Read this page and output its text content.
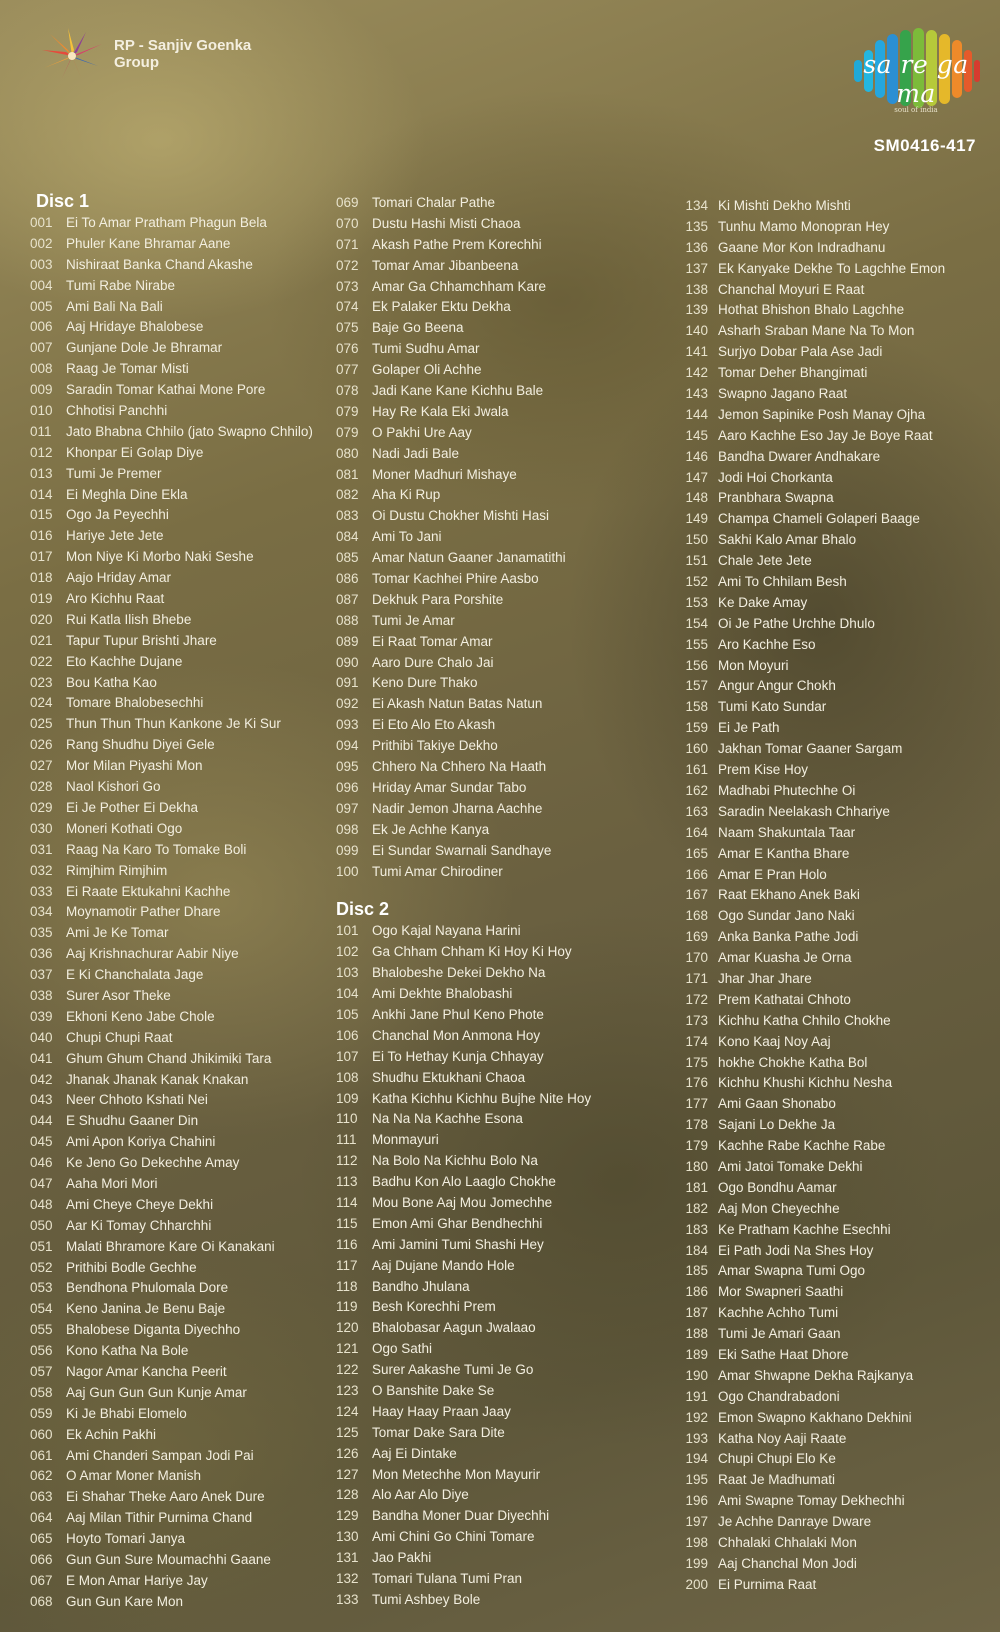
RP - Sanjiv Goenka Group	sa re ga ma
soul of india
SM0416-417
Disc 1
001 Ei To Amar Pratham Phagun Bela
002 Phuler Kane Bhramar Aane
003 Nishiraat Banka Chand Akashe
004 Tumi Rabe Nirabe
005 Ami Bali Na Bali
006 Aaj Hridaye Bhalobese
007 Gunjane Dole Je Bhramar
008 Raag Je Tomar Misti
009 Saradin Tomar Kathai Mone Pore
010 Chhotisi Panchhi
011	Jato Bhabna Chhilo (jato Swapno Chhilo)
012 Khonpar Ei Golap Diye
013 Tumi Je Premer
014 Ei Meghla Dine Ekla
015 Ogo Ja Peyechhi
016 Hariye Jete Jete
017 Mon Niye Ki Morbo Naki Seshe
018 Aajo Hriday Amar
019 Aro Kichhu Raat
020 Rui Katla Ilish Bhebe
021 Tapur Tupur Brishti Jhare
022 Eto Kachhe Dujane
023 Bou Katha Kao
024 Tomare Bhalobesechhi
025 Thun Thun Thun Kankone Je Ki Sur
026 Rang Shudhu Diyei Gele
027 Mor Milan Piyashi Mon
028 Naol Kishori Go
029 Ei Je Pother Ei Dekha
030 Moneri Kothati Ogo
031 Raag Na Karo To Tomake Boli
032 Rimjhim Rimjhim
033 Ei Raate Ektukahni Kachhe
034 Moynamotir Pather Dhare
035 Ami Je Ke Tomar
036 Aaj Krishnachurar Aabir Niye
037 E Ki Chanchalata Jage
038 Surer Asor Theke
039 Ekhoni Keno Jabe Chole
040 Chupi Chupi Raat
041 Ghum Ghum Chand Jhikimiki Tara
042 Jhanak Jhanak Kanak Knakan
043 Neer Chhoto Kshati Nei
044 E Shudhu Gaaner Din
045 Ami Apon Koriya Chahini
046 Ke Jeno Go Dekechhe Amay
047 Aaha Mori Mori
048 Ami Cheye Cheye Dekhi
050 Aar Ki Tomay Chharchhi
051 Malati Bhramore Kare Oi Kanakani
052 Prithibi Bodle Gechhe
053 Bendhona Phulomala Dore
054 Keno Janina Je Benu Baje
055 Bhalobese Diganta Diyechho
056 Kono Katha Na Bole
057 Nagor Amar Kancha Peerit
058 Aaj Gun Gun Gun Kunje Amar
059 Ki Je Bhabi Elomelo
060 Ek Achin Pakhi
061 Ami Chanderi Sampan Jodi Pai
062 O Amar Moner Manish
063 Ei Shahar Theke Aaro Anek Dure
064 Aaj Milan Tithir Purnima Chand
065 Hoyto Tomari Janya
066 Gun Gun Sure Moumachhi Gaane
067 E Mon Amar Hariye Jay
068 Gun Gun Kare Mon
069 Tomari Chalar Pathe
070 Dustu Hashi Misti Chaoa
071 Akash Pathe Prem Korechhi
072 Tomar Amar Jibanbeena
073 Amar Ga Chhamchham Kare
074 Ek Palaker Ektu Dekha
075 Baje Go Beena
076 Tumi Sudhu Amar
077 Golaper Oli Achhe
078 Jadi Kane Kane Kichhu Bale
079 Hay Re Kala Eki Jwala
079 O Pakhi Ure Aay
080 Nadi Jadi Bale
081 Moner Madhuri Mishaye
082 Aha Ki Rup
083 Oi Dustu Chokher Mishti Hasi
084 Ami To Jani
085 Amar Natun Gaaner Janamatithi
086 Tomar Kachhei Phire Aasbo
087 Dekhuk Para Porshite
088 Tumi Je Amar
089 Ei Raat Tomar Amar
090 Aaro Dure Chalo Jai
091 Keno Dure Thako
092 Ei Akash Natun Batas Natun
093 Ei Eto Alo Eto Akash
094 Prithibi Takiye Dekho
095 Chhero Na Chhero Na Haath
096 Hriday Amar Sundar Tabo
097 Nadir Jemon Jharna Aachhe
098 Ek Je Achhe Kanya
099 Ei Sundar Swarnali Sandhaye
100 Tumi Amar Chirodiner
Disc 2
101 Ogo Kajal Nayana Harini
102 Ga Chham Chham Ki Hoy Ki Hoy
103 Bhalobeshe Dekei Dekho Na
104 Ami Dekhte Bhalobashi
105 Ankhi Jane Phul Keno Phote
106 Chanchal Mon Anmona Hoy
107 Ei To Hethay Kunja Chhayay
108 Shudhu Ektukhani Chaoa
109 Katha Kichhu Kichhu Bujhe Nite Hoy
110	Na Na Na Kachhe Esona
111	Monmayuri
112	Na Bolo Na Kichhu Bolo Na
113	Badhu Kon Alo Laaglo Chokhe
114	Mou Bone Aaj Mou Jomechhe
115	Emon Ami Ghar Bendhechhi
116	Ami Jamini Tumi Shashi Hey
117	Aaj Dujane Mando Hole
118	Bandho Jhulana
119	Besh Korechhi Prem
120 Bhalobasar Aagun Jwalaao
121 Ogo Sathi
122 Surer Aakashe Tumi Je Go
123 O Banshite Dake Se
124 Haay Haay Praan Jaay
125 Tomar Dake Sara Dite
126 Aaj Ei Dintake
127 Mon Metechhe Mon Mayurir
128 Alo Aar Alo Diye
129 Bandha Moner Duar Diyechhi
130 Ami Chini Go Chini Tomare
131 Jao Pakhi
132 Tomari Tulana Tumi Pran
133 Tumi Ashbey Bole
134 Ki Mishti Dekho Mishti
135 Tunhu Mamo Monopran Hey
136 Gaane Mor Kon Indradhanu
137 Ek Kanyake Dekhe To Lagchhe Emon
138 Chanchal Moyuri E Raat
139 Hothat Bhishon Bhalo Lagchhe
140 Asharh Sraban Mane Na To Mon
141 Surjyo Dobar Pala Ase Jadi
142 Tomar Deher Bhangimati
143 Swapno Jagano Raat
144 Jemon Sapinike Posh Manay Ojha
145 Aaro Kachhe Eso Jay Je Boye Raat
146 Bandha Dwarer Andhakare
147 Jodi Hoi Chorkanta
148 Pranbhara Swapna
149 Champa Chameli Golaperi Baage
150 Sakhi Kalo Amar Bhalo
151 Chale Jete Jete
152 Ami To Chhilam Besh
153 Ke Dake Amay
154 Oi Je Pathe Urchhe Dhulo
155 Aro Kachhe Eso
156 Mon Moyuri
157 Angur Angur Chokh
158 Tumi Kato Sundar
159 Ei Je Path
160 Jakhan Tomar Gaaner Sargam
161 Prem Kise Hoy
162 Madhabi Phutechhe Oi
163 Saradin Neelakash Chhariye
164 Naam Shakuntala Taar
165 Amar E Kantha Bhare
166 Amar E Pran Holo
167 Raat Ekhano Anek Baki
168 Ogo Sundar Jano Naki
169 Anka Banka Pathe Jodi
170 Amar Kuasha Je Orna
171 Jhar Jhar Jhare
172 Prem Kathatai Chhoto
173 Kichhu Katha Chhilo Chokhe
174 Kono Kaaj Noy Aaj
175 hokhe Chokhe Katha Bol
176 Kichhu Khushi Kichhu Nesha
177 Ami Gaan Shonabo
178 Sajani Lo Dekhe Ja
179 Kachhe Rabe Kachhe Rabe
180 Ami Jatoi Tomake Dekhi
181 Ogo Bondhu Aamar
182 Aaj Mon Cheyechhe
183 Ke Pratham Kachhe Esechhi
184 Ei Path Jodi Na Shes Hoy
185 Amar Swapna Tumi Ogo
186 Mor Swapneri Saathi
187 Kachhe Achho Tumi
188 Tumi Je Amari Gaan
189 Eki Sathe Haat Dhore
190 Amar Shwapne Dekha Rajkanya
191 Ogo Chandrabadoni
192 Emon Swapno Kakhano Dekhini
193 Katha Noy Aaji Raate
194 Chupi Chupi Elo Ke
195 Raat Je Madhumati
196 Ami Swapne Tomay Dekhechhi
197 Je Achhe Danraye Dware
198 Chhalaki Chhalaki Mon
199 Aaj Chanchal Mon Jodi
200 Ei Purnima Raat
